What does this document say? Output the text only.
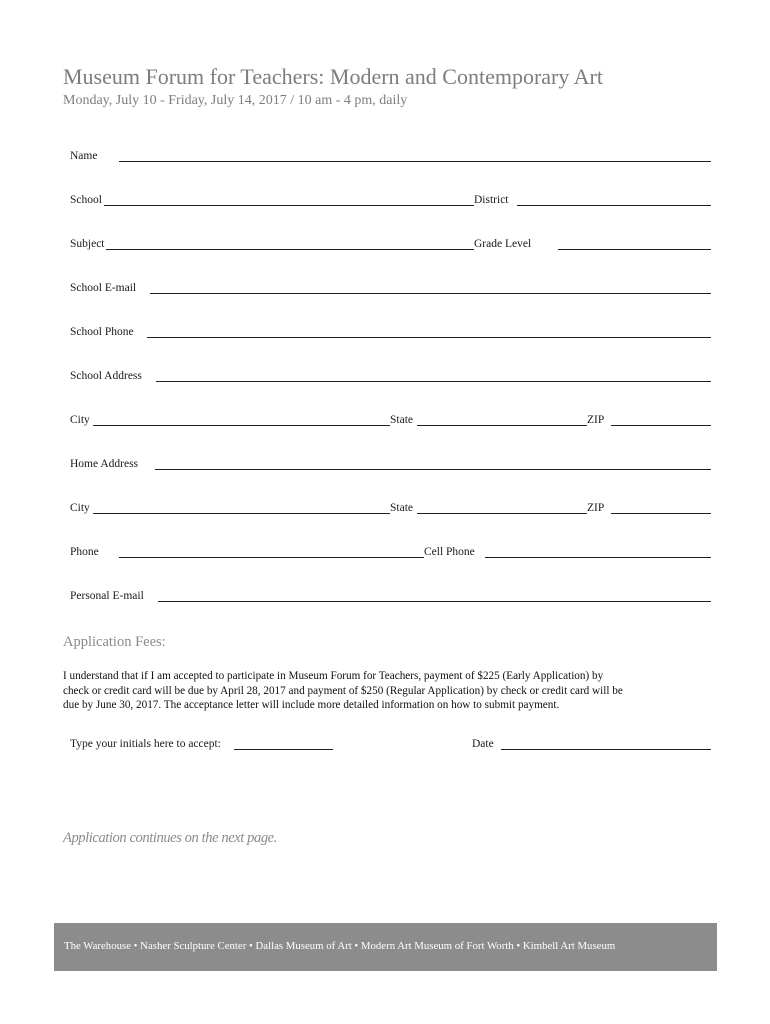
Museum Forum for Teachers: Modern and Contemporary Art
Monday, July 10 - Friday, July 14, 2017 / 10 am - 4 pm, daily
Name
School	District
Subject	Grade Level
School E-mail
School Phone
School Address
City	State	ZIP
Home Address
City	State	ZIP
Phone	Cell Phone
Personal E-mail
Application Fees:
I understand that if I am accepted to participate in Museum Forum for Teachers, payment of $225 (Early Application) by
check or credit card will be due by April 28, 2017 and payment of $250 (Regular Application) by check or credit card will be
due by June 30, 2017. The acceptance letter will include more detailed information on how to submit payment.
Type your initials here to accept:	Date
Application continues on the next page.
The Warehouse • Nasher Sculpture Center • Dallas Museum of Art • Modern Art Museum of Fort Worth • Kimbell Art Museum
